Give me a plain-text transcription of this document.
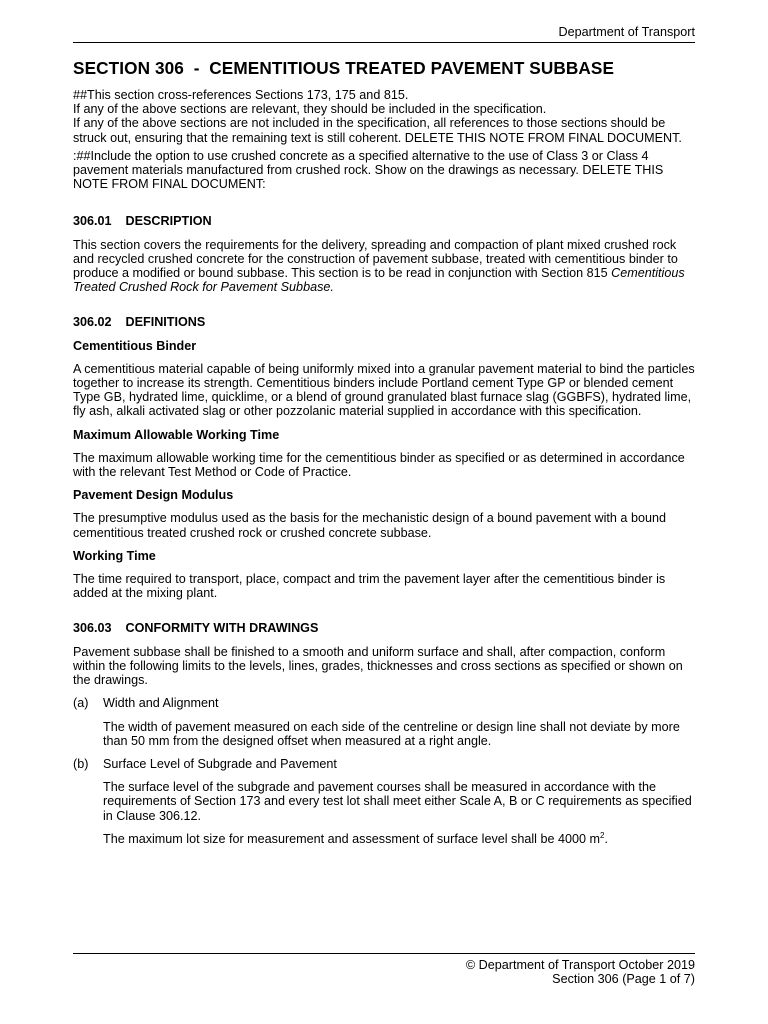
Department of Transport
SECTION 306  -  CEMENTITIOUS TREATED PAVEMENT SUBBASE

##This section cross-references Sections 173, 175 and 815.

If any of the above sections are relevant, they should be included in the specification.

If any of the above sections are not included in the specification, all references to those sections should be struck out, ensuring that the remaining text is still coherent. DELETE THIS NOTE FROM FINAL DOCUMENT.

:##Include the option to use crushed concrete as a specified alternative to the use of Class 3 or Class 4 pavement materials manufactured from crushed rock. Show on the drawings as necessary. DELETE THIS NOTE FROM FINAL DOCUMENT:

306.01    DESCRIPTION

This section covers the requirements for the delivery, spreading and compaction of plant mixed crushed rock and recycled crushed concrete for the construction of pavement subbase, treated with cementitious binder to produce a modified or bound subbase. This section is to be read in conjunction with Section 815 Cementitious Treated Crushed Rock for Pavement Subbase.

306.02    DEFINITIONS
Cementitious Binder

A cementitious material capable of being uniformly mixed into a granular pavement material to bind the particles together to increase its strength. Cementitious binders include Portland cement Type GP or blended cement Type GB, hydrated lime, quicklime, or a blend of ground granulated blast furnace slag (GGBFS), hydrated lime, fly ash, alkali activated slag or other pozzolanic material supplied in accordance with this specification.

Maximum Allowable Working Time

The maximum allowable working time for the cementitious binder as specified or as determined in accordance with the relevant Test Method or Code of Practice.

Pavement Design Modulus

The presumptive modulus used as the basis for the mechanistic design of a bound pavement with a bound cementitious treated crushed rock or crushed concrete subbase.

Working Time

The time required to transport, place, compact and trim the pavement layer after the cementitious binder is added at the mixing plant.

306.03    CONFORMITY WITH DRAWINGS

Pavement subbase shall be finished to a smooth and uniform surface and shall, after compaction, conform within the following limits to the levels, lines, grades, thicknesses and cross sections as specified or shown on the drawings.

(a)	Width and Alignment

The width of pavement measured on each side of the centreline or design line shall not deviate by more than 50 mm from the designed offset when measured at a right angle.

(b)	Surface Level of Subgrade and Pavement

The surface level of the subgrade and pavement courses shall be measured in accordance with the requirements of Section 173 and every test lot shall meet either Scale A, B or C requirements as specified in Clause 306.12.

The maximum lot size for measurement and assessment of surface level shall be 4000 $m^2$.

© Department of Transport October 2019
Section 306 (Page 1 of 7)
